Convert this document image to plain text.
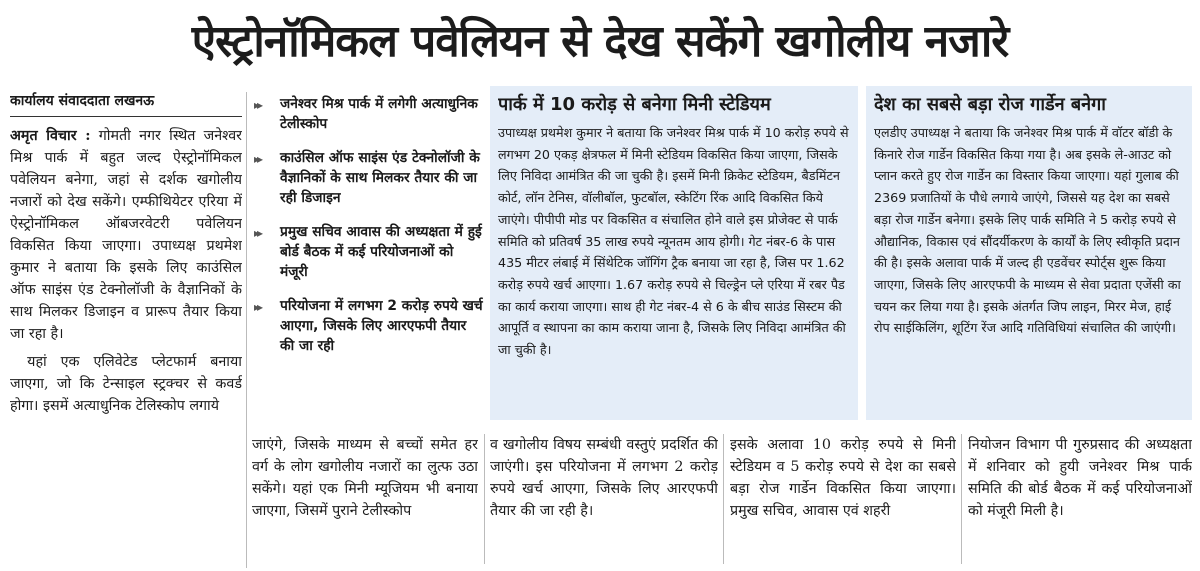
ऐस्ट्रोनॉमिकल पवेलियन से देख सकेंगे खगोलीय नजारे
कार्यालय संवाददाता लखनऊ

अमृत विचार : गोमती नगर स्थित जनेश्वर मिश्र पार्क में बहुत जल्द ऐस्ट्रोनॉमिकल पवेलियन बनेगा, जहां से दर्शक खगोलीय नजारों को देख सकेंगे। एम्फीथियेटर एरिया में ऐस्ट्रोनॉमिकल ऑबजरवेटरी पवेलियन विकसित किया जाएगा। उपाध्यक्ष प्रथमेश कुमार ने बताया कि इसके लिए काउंसिल ऑफ साइंस एंड टेक्नोलॉजी के वैज्ञानिकों के साथ मिलकर डिजाइन व प्रारूप तैयार किया जा रहा है।

यहां एक एलिवेटेड प्लेटफार्म बनाया जाएगा, जो कि टेन्साइल स्ट्रक्चर से कवर्ड होगा। इसमें अत्याधुनिक टेलिस्कोप लगाये

▸▸	जनेश्वर मिश्र पार्क में लगेगी अत्याधुनिक टेलीस्कोप
▸▸	काउंसिल ऑफ साइंस एंड टेक्नोलॉजी के वैज्ञानिकों के साथ मिलकर तैयार की जा रही डिजाइन
▸▸	प्रमुख सचिव आवास की अध्यक्षता में हुई बोर्ड बैठक में कई परियोजनाओं को मंजूरी
▸▸	परियोजना में लगभग 2 करोड़ रुपये खर्च आएगा, जिसके लिए आरएफपी तैयार की जा रही
पार्क में 10 करोड़ से बनेगा मिनी स्टेडियम
उपाध्यक्ष प्रथमेश कुमार ने बताया कि जनेश्वर मिश्र पार्क में 10 करोड़ रुपये से लगभग 20 एकड़ क्षेत्रफल में मिनी स्टेडियम विकसित किया जाएगा, जिसके लिए निविदा आमंत्रित की जा चुकी है। इसमें मिनी क्रिकेट स्टेडियम, बैडमिंटन कोर्ट, लॉन टेनिस, वॉलीबॉल, फुटबॉल, स्केटिंग रिंक आदि विकसित किये जाएंगे। पीपीपी मोड पर विकसित व संचालित होने वाले इस प्रोजेक्ट से पार्क समिति को प्रतिवर्ष 35 लाख रुपये न्यूनतम आय होगी। गेट नंबर-6 के पास 435 मीटर लंबाई में सिंथेटिक जॉगिंग ट्रैक बनाया जा रहा है, जिस पर 1.62 करोड़ रुपये खर्च आएगा। 1.67 करोड़ रुपये से चिल्ड्रेन प्ले एरिया में रबर पैड का कार्य कराया जाएगा। साथ ही गेट नंबर-4 से 6 के बीच साउंड सिस्टम की आपूर्ति व स्थापना का काम कराया जाना है, जिसके लिए निविदा आमंत्रित की जा चुकी है।
देश का सबसे बड़ा रोज गार्डेन बनेगा
एलडीए उपाध्यक्ष ने बताया कि जनेश्वर मिश्र पार्क में वॉटर बॉडी के किनारे रोज गार्डेन विकसित किया गया है। अब इसके ले-आउट को प्लान करते हुए रोज गार्डेन का विस्तार किया जाएगा। यहां गुलाब की 2369 प्रजातियों के पौधे लगाये जाएंगे, जिससे यह देश का सबसे बड़ा रोज गार्डेन बनेगा। इसके लिए पार्क समिति ने 5 करोड़ रुपये से औद्यानिक, विकास एवं सौंदर्यीकरण के कार्यों के लिए स्वीकृति प्रदान की है। इसके अलावा पार्क में जल्द ही एडवेंचर स्पोर्ट्स शुरू किया जाएगा, जिसके लिए आरएफपी के माध्यम से सेवा प्रदाता एजेंसी का चयन कर लिया गया है। इसके अंतर्गत जिप लाइन, मिरर मेज, हाई रोप साईकिलिंग, शूटिंग रेंज आदि गतिविधियां संचालित की जाएंगी।
जाएंगे, जिसके माध्यम से बच्चों समेत हर वर्ग के लोग खगोलीय नजारों का लुत्फ उठा सकेंगे। यहां एक मिनी म्यूजियम भी बनाया जाएगा, जिसमें पुराने टेलीस्कोप
व खगोलीय विषय सम्बंधी वस्तुएं प्रदर्शित की जाएंगी। इस परियोजना में लगभग 2 करोड़ रुपये खर्च आएगा, जिसके लिए आरएफपी तैयार की जा रही है।
इसके अलावा 10 करोड़ रुपये से मिनी स्टेडियम व 5 करोड़ रुपये से देश का सबसे बड़ा रोज गार्डेन विकसित किया जाएगा। प्रमुख सचिव, आवास एवं शहरी
नियोजन विभाग पी गुरुप्रसाद की अध्यक्षता में शनिवार को हुयी जनेश्वर मिश्र पार्क समिति की बोर्ड बैठक में कई परियोजनाओं को मंजूरी मिली है।
